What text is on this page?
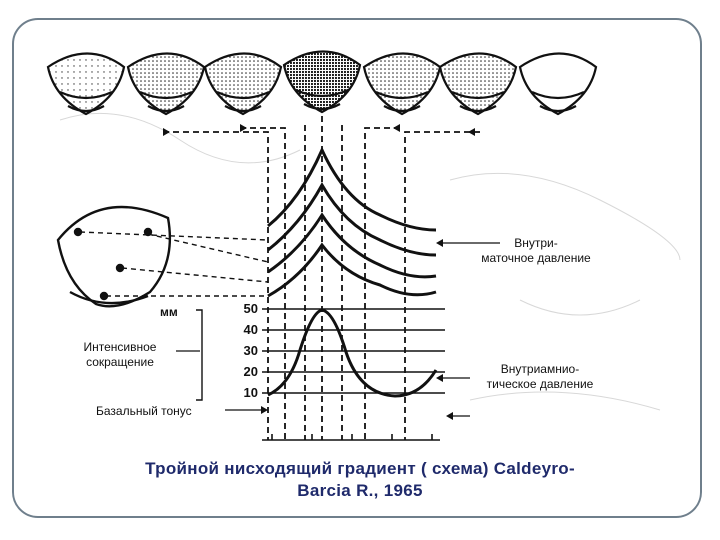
50
40
30
20
10
мм
Интенсивное
сокращение
Внутри-
маточное давление
Внутриамнио-
тическое давление
Базальный тонус
Тройной нисходящий градиент ( схема) Caldeyro-
Barcia R., 1965
